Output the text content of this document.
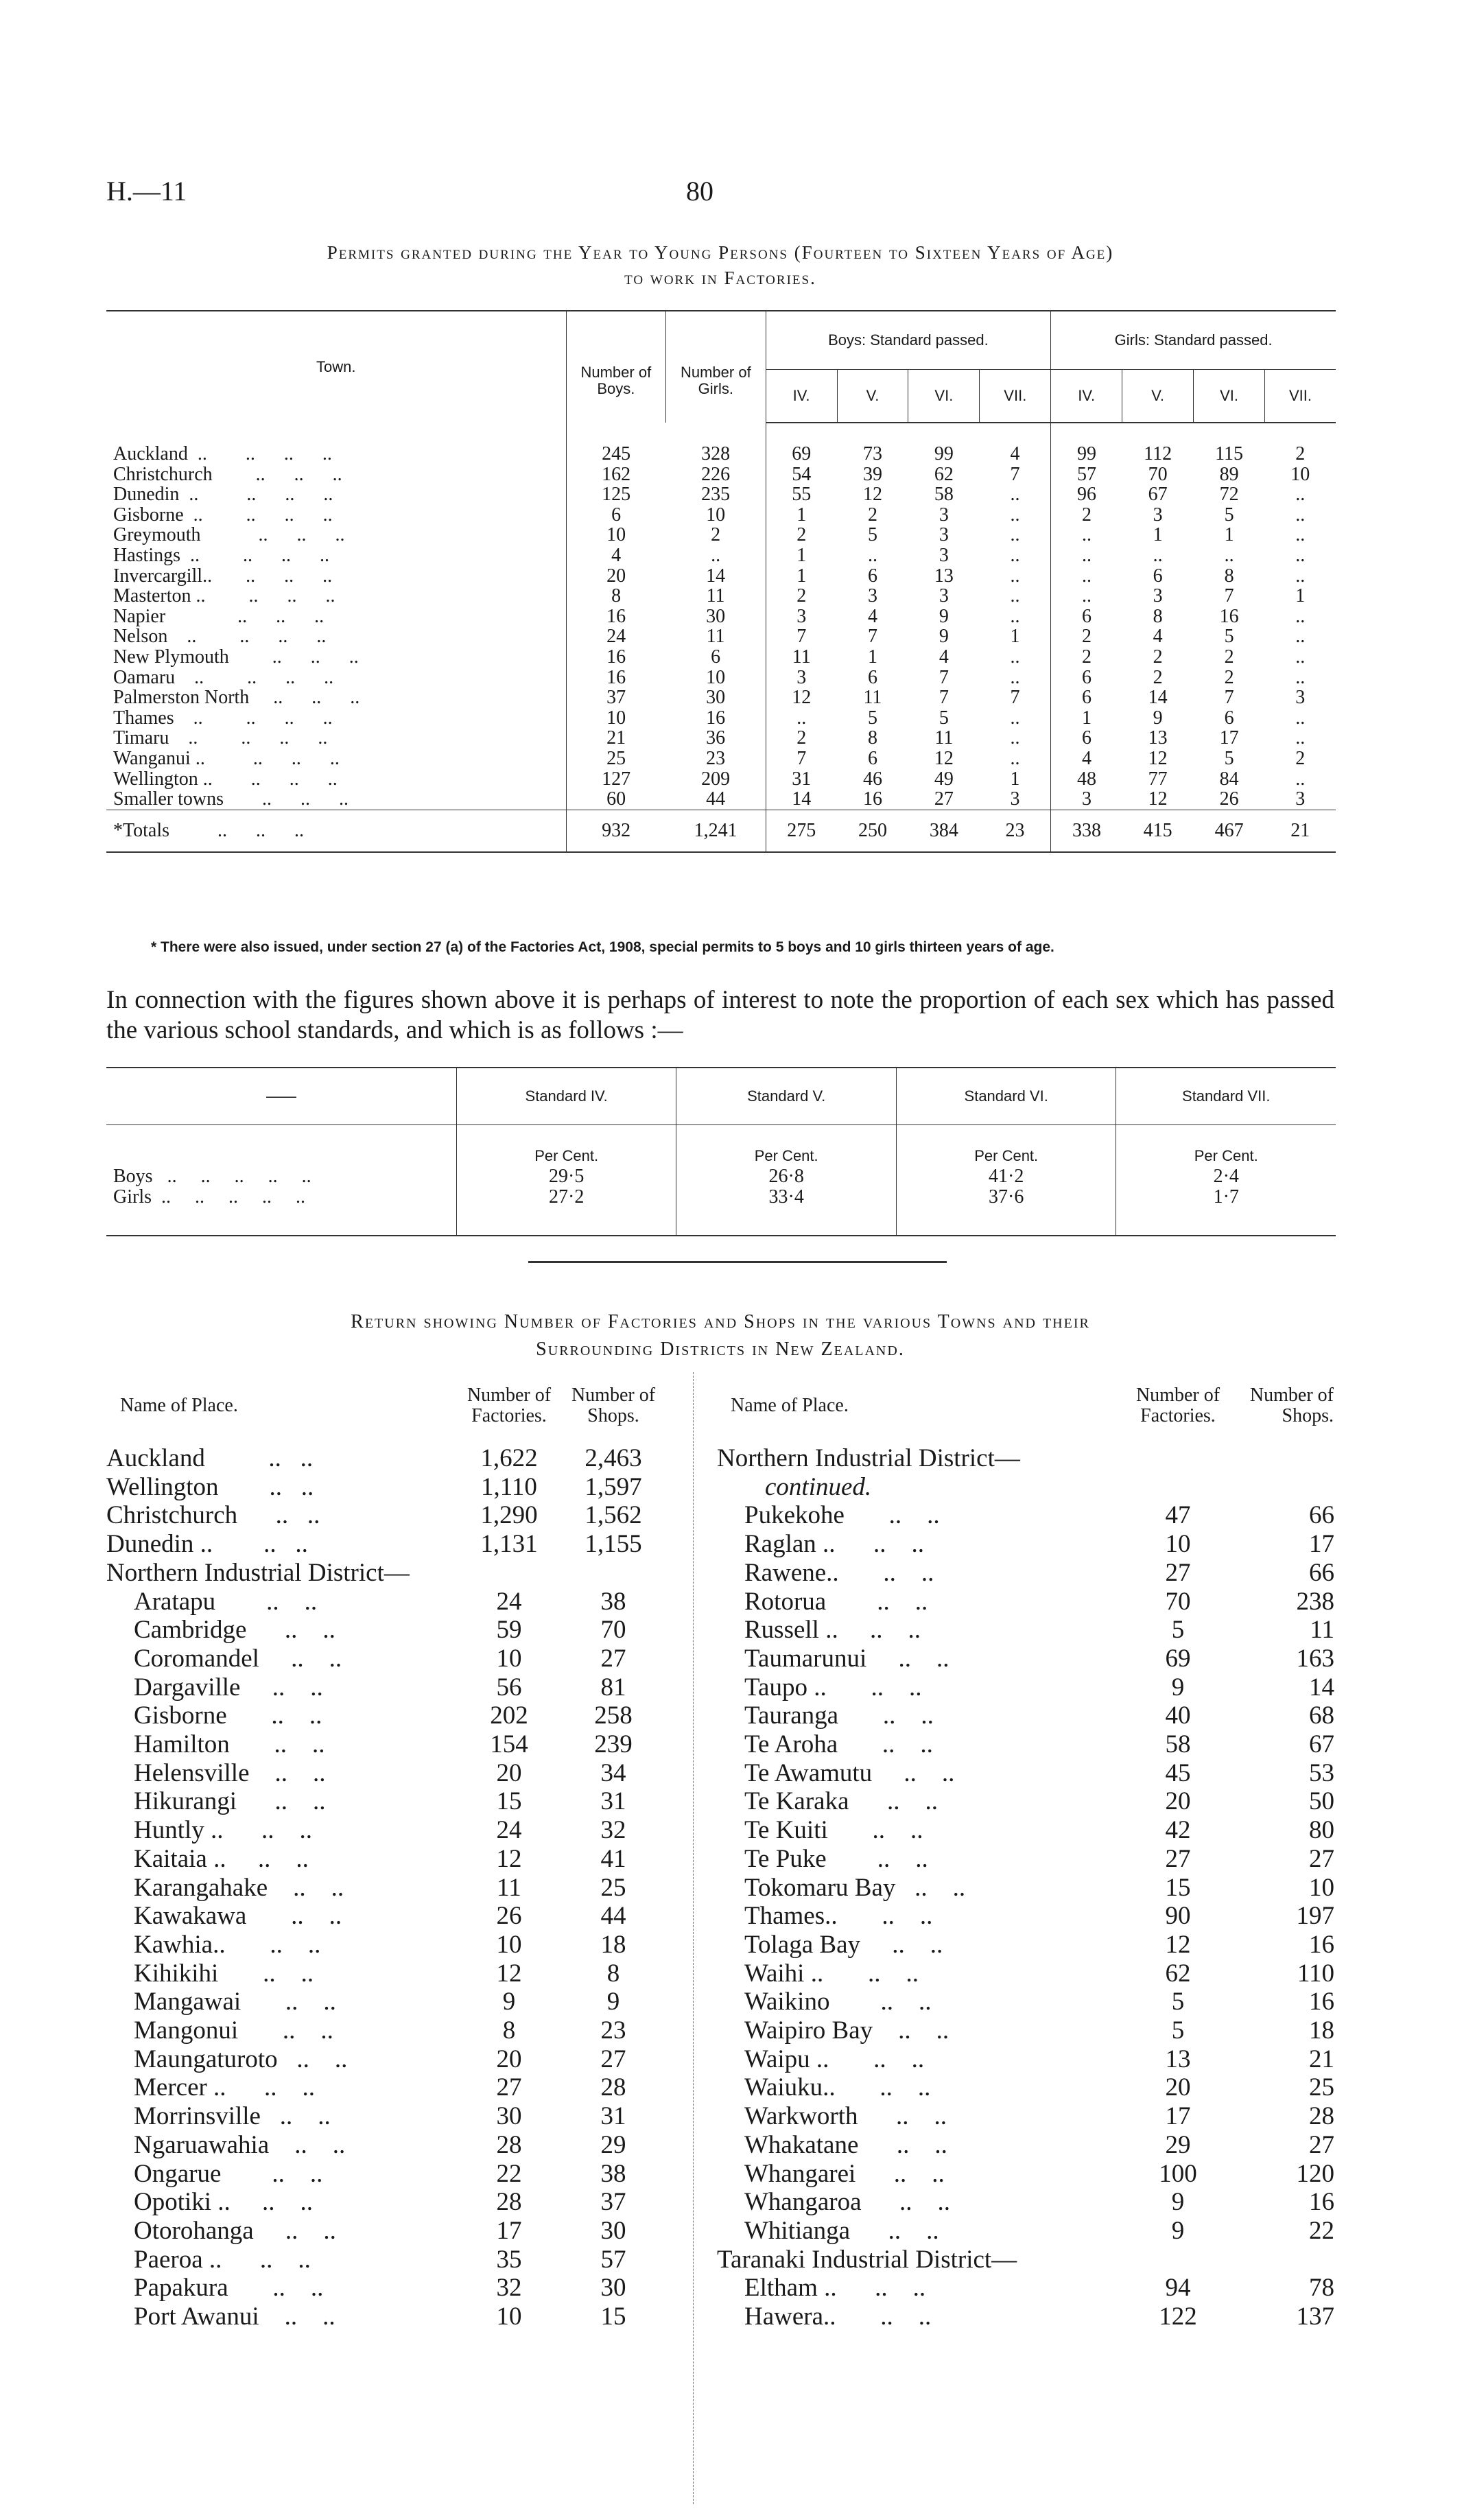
H.—11	80
Permits granted during the Year to Young Persons (Fourteen to Sixteen Years of Age)
to work in Factories.
Town.	Number of Boys.	Number of Girls.	Boys: Standard passed.				Girls: Standard passed.			
			IV.	V.	VI.	VII.	IV.	V.	VI.	VII.
Auckland  ..        ..      ..      ..	245	328	69	73	99	4	99	112	115	2
Christchurch         ..      ..      ..	162	226	54	39	62	7	57	70	89	10
Dunedin  ..          ..      ..      ..	125	235	55	12	58	..	96	67	72	..
Gisborne  ..         ..      ..      ..	6	10	1	2	3	..	2	3	5	..
Greymouth            ..      ..      ..	10	2	2	5	3	..	..	1	1	..
Hastings  ..         ..      ..      ..	4	..	1	..	3	..	..	..	..	..
Invercargill..       ..      ..      ..	20	14	1	6	13	..	..	6	8	..
Masterton ..         ..      ..      ..	8	11	2	3	3	..	..	3	7	1
Napier               ..      ..      ..	16	30	3	4	9	..	6	8	16	..
Nelson    ..         ..      ..      ..	24	11	7	7	9	1	2	4	5	..
New Plymouth         ..      ..      ..	16	6	11	1	4	..	2	2	2	..
Oamaru    ..         ..      ..      ..	16	10	3	6	7	..	6	2	2	..
Palmerston North     ..      ..      ..	37	30	12	11	7	7	6	14	7	3
Thames    ..         ..      ..      ..	10	16	..	5	5	..	1	9	6	..
Timaru    ..         ..      ..      ..	21	36	2	8	11	..	6	13	17	..
Wanganui ..          ..      ..      ..	25	23	7	6	12	..	4	12	5	2
Wellington ..        ..      ..      ..	127	209	31	46	49	1	48	77	84	..
Smaller towns        ..      ..      ..	60	44	14	16	27	3	3	12	26	3
*Totals          ..      ..      ..	932	1,241	275	250	384	23	338	415	467	21
* There were also issued, under section 27 (a) of the Factories Act, 1908, special permits to 5 boys and 10 girls thirteen years of age.
In connection with the figures shown above it is perhaps of interest to note the proportion of each sex which has passed the various school standards, and which is as follows :—
——	Standard IV.	Standard V.	Standard VI.	Standard VII.
	Per Cent.	Per Cent.	Per Cent.	Per Cent.
Boys   ..     ..     ..     ..     ..	29·5	26·8	41·2	2·4
Girls  ..     ..     ..     ..     ..	27·2	33·4	37·6	1·7
Return showing Number of Factories and Shops in the various Towns and their
Surrounding Districts in New Zealand.
Name of Place.	Number of Factories.	Number of Shops.
Auckland          ..   ..	1,622	2,463
Wellington        ..   ..	1,110	1,597
Christchurch      ..   ..	1,290	1,562
Dunedin ..        ..   ..	1,131	1,155
Northern Industrial District—		
Aratapu        ..    ..	24	38
Cambridge      ..    ..	59	70
Coromandel     ..    ..	10	27
Dargaville     ..    ..	56	81
Gisborne       ..    ..	202	258
Hamilton       ..    ..	154	239
Helensville    ..    ..	20	34
Hikurangi      ..    ..	15	31
Huntly ..      ..    ..	24	32
Kaitaia ..     ..    ..	12	41
Karangahake    ..    ..	11	25
Kawakawa       ..    ..	26	44
Kawhia..       ..    ..	10	18
Kihikihi       ..    ..	12	8
Mangawai       ..    ..	9	9
Mangonui       ..    ..	8	23
Maungaturoto   ..    ..	20	27
Mercer ..      ..    ..	27	28
Morrinsville   ..    ..	30	31
Ngaruawahia    ..    ..	28	29
Ongarue        ..    ..	22	38
Opotiki ..     ..    ..	28	37
Otorohanga     ..    ..	17	30
Paeroa ..      ..    ..	35	57
Papakura       ..    ..	32	30
Port Awanui    ..    ..	10	15
Name of Place.	Number of Factories.	Number of Shops.
Northern Industrial District—		
continued.		
Pukekohe       ..    ..	47	66
Raglan ..      ..    ..	10	17
Rawene..       ..    ..	27	66
Rotorua        ..    ..	70	238
Russell ..     ..    ..	5	11
Taumarunui     ..    ..	69	163
Taupo ..       ..    ..	9	14
Tauranga       ..    ..	40	68
Te Aroha       ..    ..	58	67
Te Awamutu     ..    ..	45	53
Te Karaka      ..    ..	20	50
Te Kuiti       ..    ..	42	80
Te Puke        ..    ..	27	27
Tokomaru Bay   ..    ..	15	10
Thames..       ..    ..	90	197
Tolaga Bay     ..    ..	12	16
Waihi ..       ..    ..	62	110
Waikino        ..    ..	5	16
Waipiro Bay    ..    ..	5	18
Waipu ..       ..    ..	13	21
Waiuku..       ..    ..	20	25
Warkworth      ..    ..	17	28
Whakatane      ..    ..	29	27
Whangarei      ..    ..	100	120
Whangaroa      ..    ..	9	16
Whitianga      ..    ..	9	22
Taranaki Industrial District—		
Eltham ..      ..    ..	94	78
Hawera..       ..    ..	122	137
